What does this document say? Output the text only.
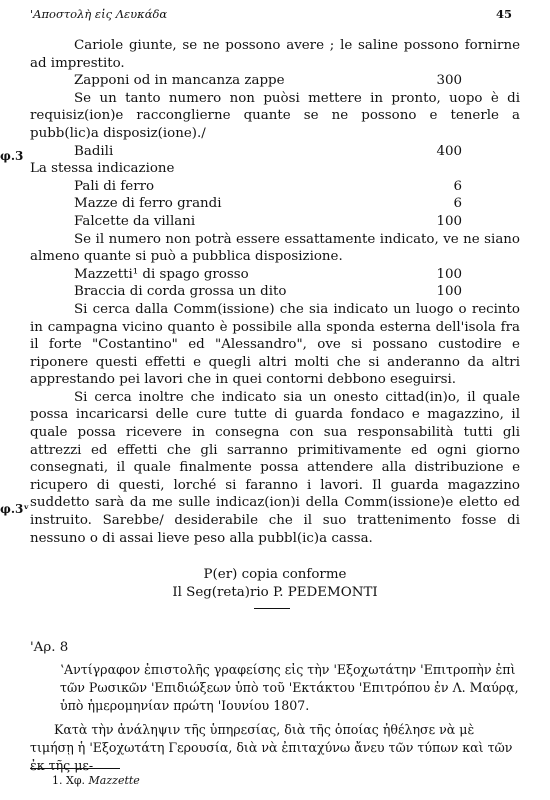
'Αποστολὴ εἰς Λευκάδα	45
φ.3
φ.3ᵛ

Cariole giunte, se ne possono avere ; le saline possono fornirne ad imprestito.

Zapponi od in mancanza zappe	300

Se un tanto numero non puòsi mettere in pronto, uopo è di requisiz(ion)e racconglierne quante se ne possono e tenerle a pubb(lic)a disposiz(ione)./

Badili	400

La stessa indicazione

Pali di ferro	6
Mazze di ferro grandi	6
Falcette da villani	100

Se il numero non potrà essere essattamente indicato, ve ne siano almeno quante si può a pubblica disposizione.

Mazzetti¹ di spago grosso	100
Braccia di corda grossa un dito	100

Si cerca dalla Comm(issione) che sia indicato un luogo o recinto in campagna vicino quanto è possibile alla sponda esterna dell'isola fra il forte "Costantino" ed "Alessandro", ove si possano custodire e riponere questi effetti e quegli altri molti che si anderanno da altri apprestando pei lavori che in quei contorni debbono eseguirsi.

Si cerca inoltre che indicato sia un onesto cittad(in)o, il quale possa incaricarsi delle cure tutte di guarda fondaco e magazzino, il quale possa ricevere in consegna con sua responsabilità tutti gli attrezzi ed effetti che gli sarranno primitivamente ed ogni giorno consegnati, il quale finalmente possa attendere alla distribuzione e ricupero di questi, lorché si faranno i lavori. Il guarda magazzino suddetto sarà da me sulle indicaz(ion)i della Comm(issione)e eletto ed instruito. Sarebbe/ desiderabile che il suo trattenimento fosse di nessuno o di assai lieve peso alla pubbl(ic)a cassa.

P(er) copia conforme
Il Seg(reta)rio P. PEDEMONTI
'Αρ. 8
ʽΑντίγραφον ἐπιστολῆς γραφείσης εἰς τὴν 'Εξοχωτάτην 'Επιτροπὴν ἐπὶ τῶν Ρωσικῶν 'Επιδιώξεων ὑπὸ τοῦ 'Εκτάκτου 'Επιτρόπου ἐν Λ. Μαύρᾳ, ὑπὸ ἡμερομηνίαν πρώτη 'Ιουνίου 1807.
Κατὰ τὴν ἀνάληψιν τῆς ὑπηρεσίας, διὰ τῆς ὁποίας ἠθέλησε νὰ μὲ τιμήσῃ ἡ 'Εξοχωτάτη Γερουσία, διὰ νὰ ἐπιταχύνω ἄνευ τῶν τύπων καὶ τῶν ἐκ τῆς με-
1. Χφ. Mazzette
